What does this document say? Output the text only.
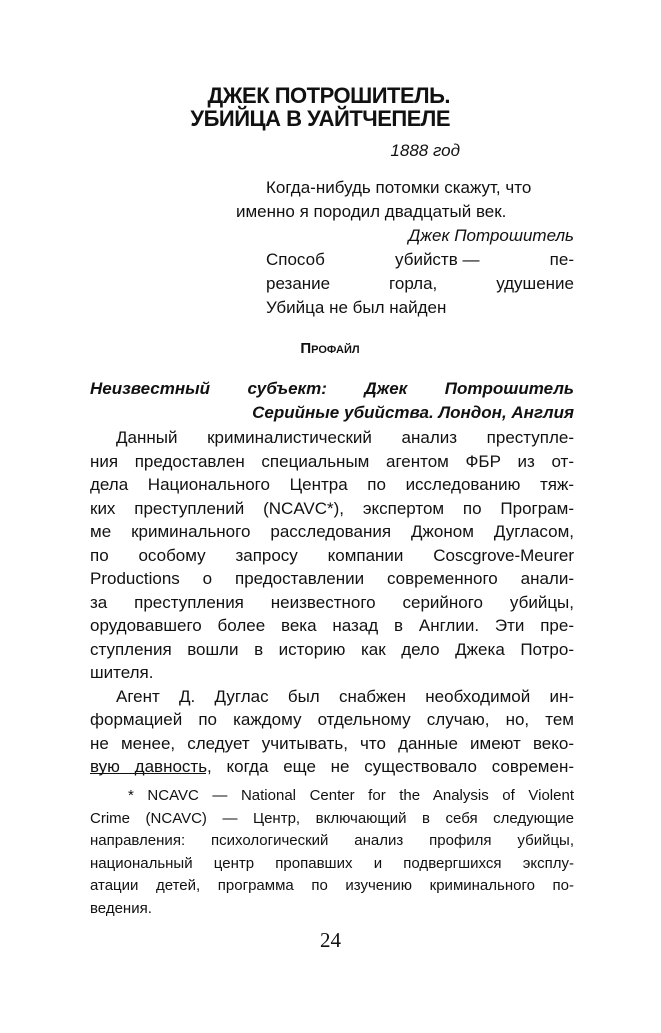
ДЖЕК ПОТРОШИТЕЛЬ.
УБИЙЦА В УАЙТЧЕПЕЛЕ
1888 год
Когда-нибудь потомки скажут, что
именно я породил двадцатый век.
Джек Потрошитель
Способ	убийств —	пе-
резание	горла,	удушение
Убийца не был найден
Профайл
Неизвестный субъект: Джек Потрошитель
Серийные убийства. Лондон, Англия
Данный криминалистический анализ преступле-
ния предоставлен специальным агентом ФБР из от-
дела Национального Центра по исследованию тяж-
ких преступлений (NCAVC*), экспертом по Програм-
ме криминального расследования Джоном Дугласом,
по особому запросу компании Coscgrove-Meurer
Productions о предоставлении современного анали-
за преступления неизвестного серийного убийцы,
орудовавшего более века назад в Англии. Эти пре-
ступления вошли в историю как дело Джека Потро-
шителя.
Агент Д. Дуглас был снабжен необходимой ин-
формацией по каждому отдельному случаю, но, тем
не менее, следует учитывать, что данные имеют веко-
вую давность, когда еще не существовало современ-
* NCAVC — National Center for the Analysis of Violent
Crime (NCAVC) — Центр, включающий в себя следующие
направления: психологический анализ профиля убийцы,
национальный центр пропавших и подвергшихся эксплу-
атации детей, программа по изучению криминального по-
ведения.
24
